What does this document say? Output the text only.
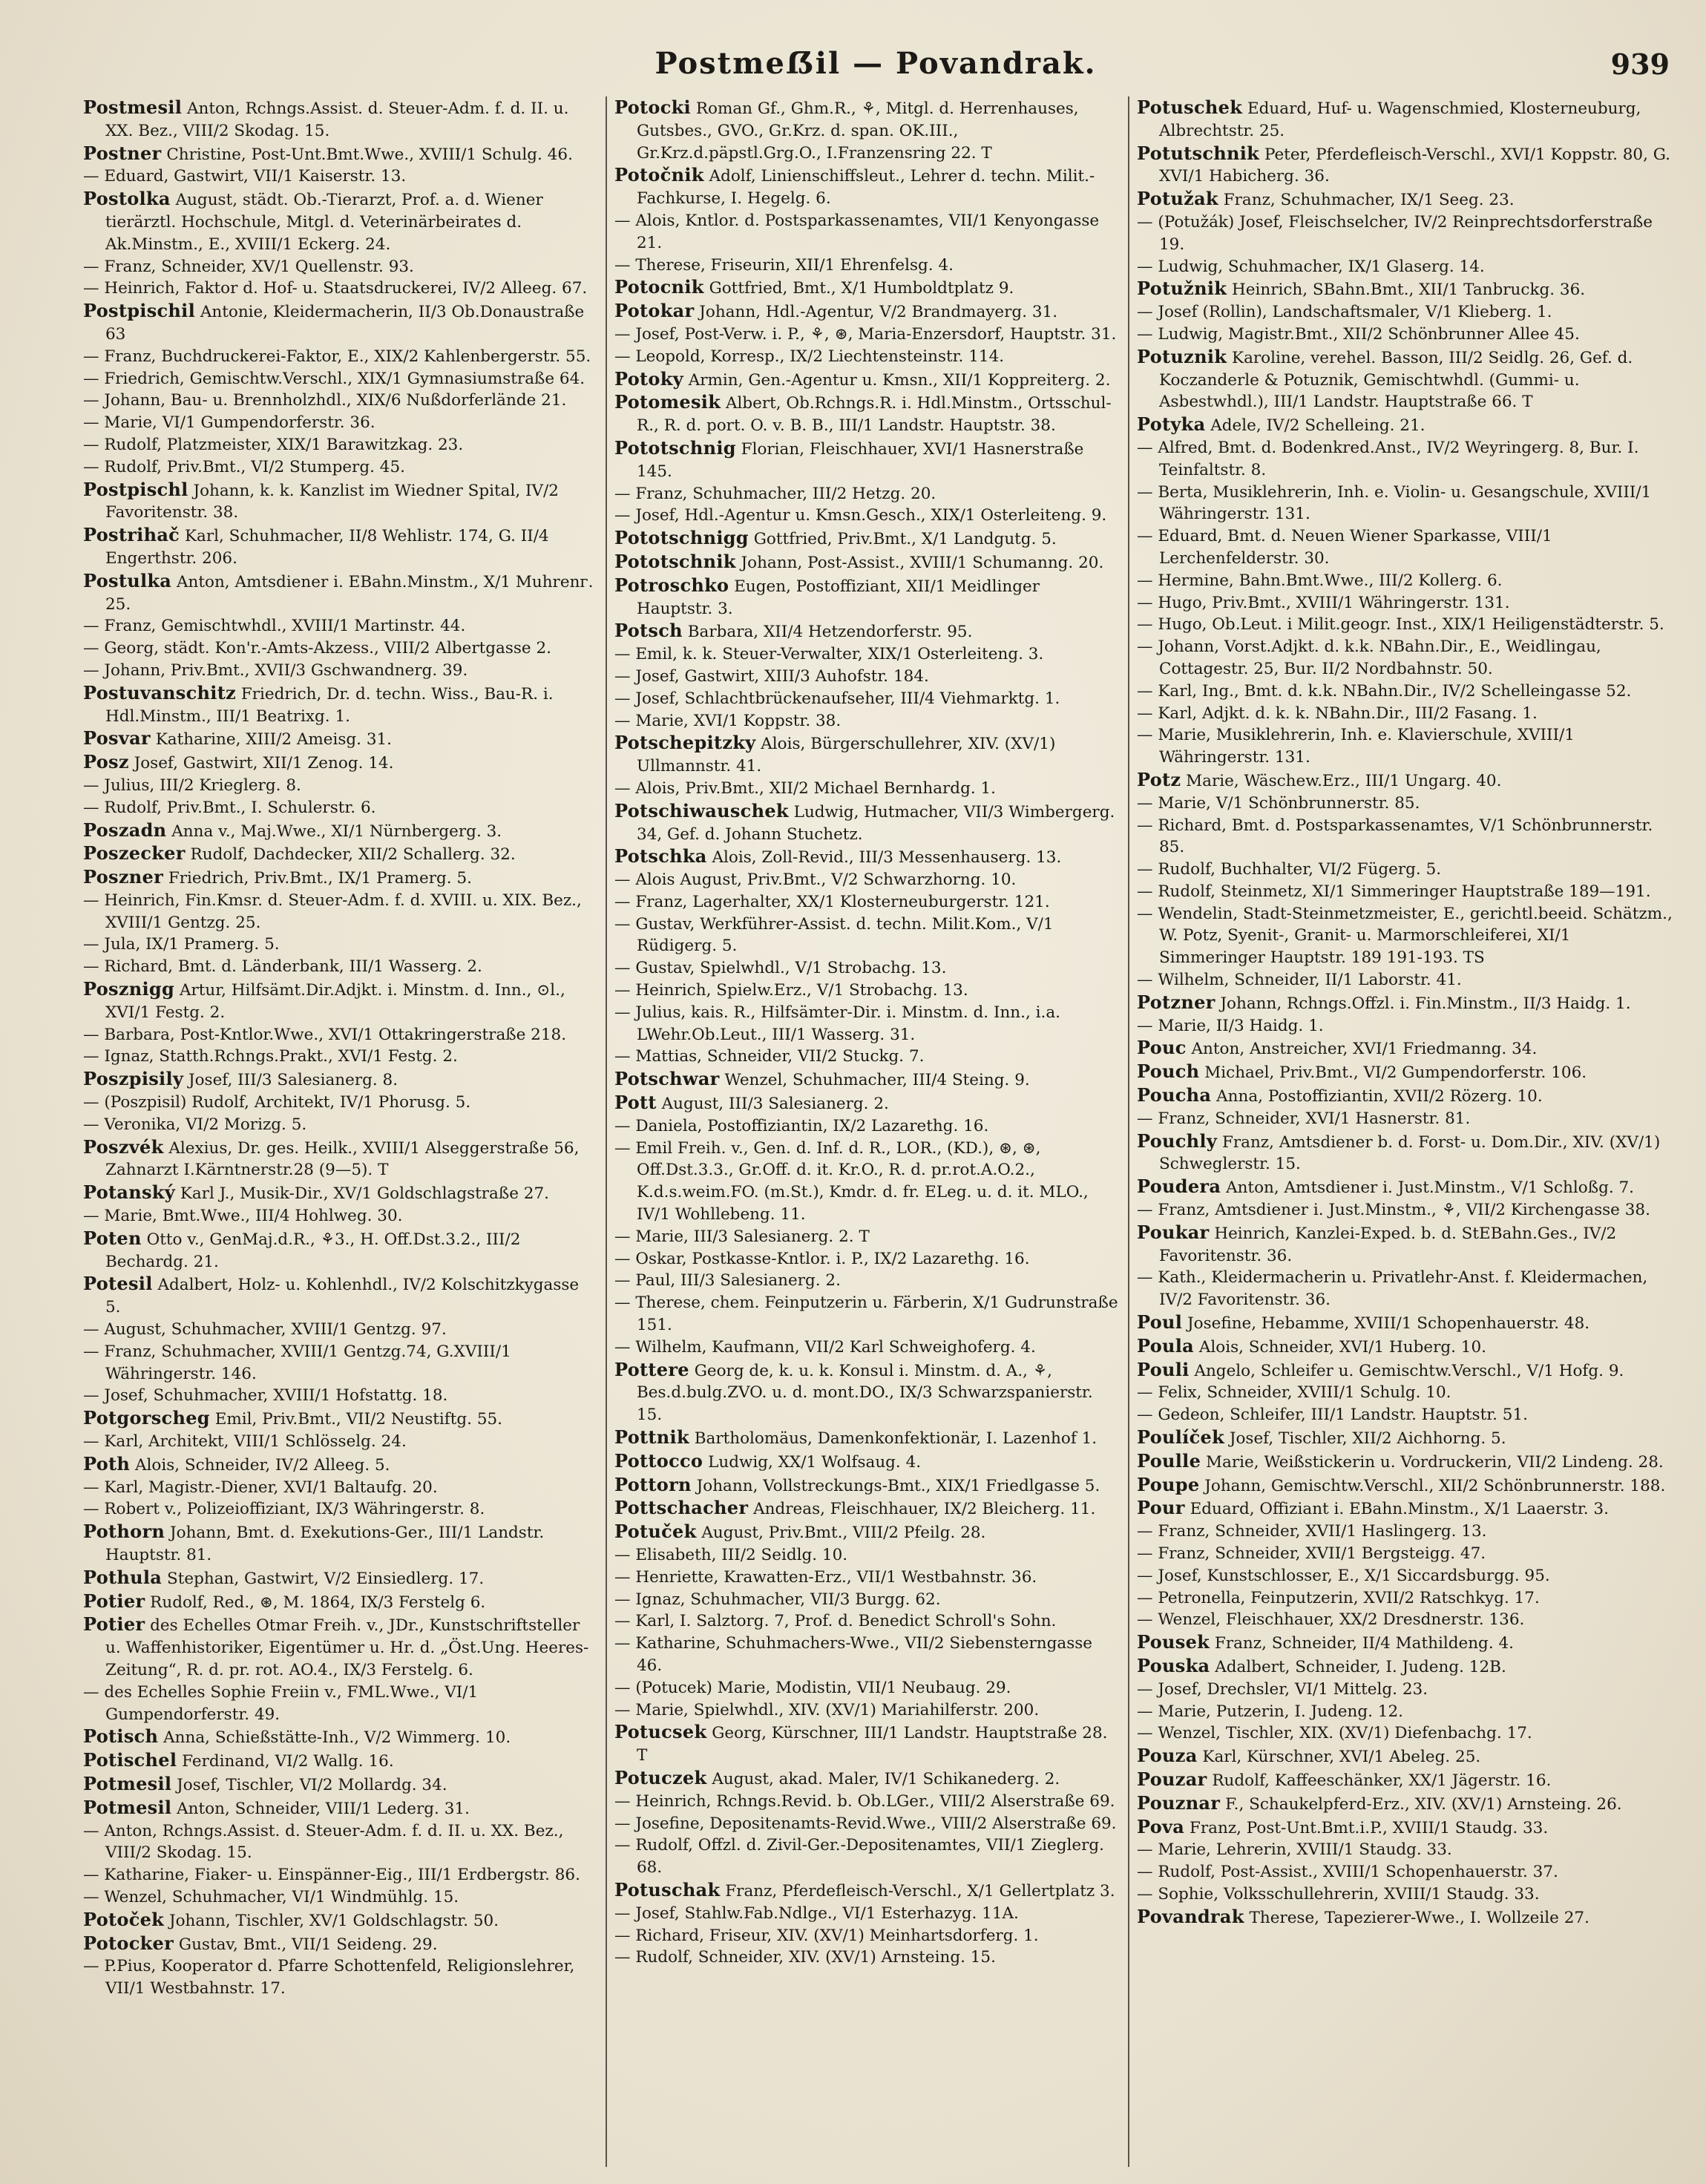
Postmeẞil — Povandrak.	939

Postmesil Anton, Rchngs.Assist. d. Steuer-Adm. f. d. II. u. XX. Bez., VIII/2 Skodag. 15.

Postner Christine, Post-Unt.Bmt.Wwe., XVIII/1 Schulg. 46.

— Eduard, Gastwirt, VII/1 Kaiserstr. 13.

Postolka August, städt. Ob.-Tierarzt, Prof. a. d. Wiener tierärztl. Hochschule, Mitgl. d. Veterinärbeirates d. Ak.Minstm., E., XVIII/1 Eckerg. 24.

— Franz, Schneider, XV/1 Quellenstr. 93.

— Heinrich, Faktor d. Hof- u. Staatsdruckerei, IV/2 Alleeg. 67.

Postpischil Antonie, Kleidermacherin, II/3 Ob.Donaustraße 63

— Franz, Buchdruckerei-Faktor, E., XIX/2 Kahlenbergerstr. 55.

— Friedrich, Gemischtw.Verschl., XIX/1 Gymnasiumstraße 64.

— Johann, Bau- u. Brennholzhdl., XIX/6 Nußdorferlände 21.

— Marie, VI/1 Gumpendorferstr. 36.

— Rudolf, Platzmeister, XIX/1 Barawitzkag. 23.

— Rudolf, Priv.Bmt., VI/2 Stumperg. 45.

Postpischl Johann, k. k. Kanzlist im Wiedner Spital, IV/2 Favoritenstr. 38.

Postrihač Karl, Schuhmacher, II/8 Wehlistr. 174, G. II/4 Engerthstr. 206.

Postulka Anton, Amtsdiener i. EBahn.Minstm., X/1 Muhrenг. 25.

— Franz, Gemischtwhdl., XVIII/1 Martinstr. 44.

— Georg, städt. Kon'r.-Amts-Akzess., VIII/2 Albertgasse 2.

— Johann, Priv.Bmt., XVII/3 Gschwandnerg. 39.

Postuvanschitz Friedrich, Dr. d. techn. Wiss., Bau-R. i. Hdl.Minstm., III/1 Beatrixg. 1.

Posvar Katharine, XIII/2 Ameisg. 31.

Posz Josef, Gastwirt, XII/1 Zenog. 14.

— Julius, III/2 Krieglerg. 8.

— Rudolf, Priv.Bmt., I. Schulerstr. 6.

Poszadn Anna v., Maj.Wwe., XI/1 Nürnbergerg. 3.

Poszecker Rudolf, Dachdecker, XII/2 Schallerg. 32.

Poszner Friedrich, Priv.Bmt., IX/1 Pramerg. 5.

— Heinrich, Fin.Kmsr. d. Steuer-Adm. f. d. XVIII. u. XIX. Bez., XVIII/1 Gentzg. 25.

— Jula, IX/1 Pramerg. 5.

— Richard, Bmt. d. Länderbank, III/1 Wasserg. 2.

Posznigg Artur, Hilfsämt.Dir.Adjkt. i. Minstm. d. Inn., ⊙l., XVI/1 Festg. 2.

— Barbara, Post-Kntlor.Wwe., XVI/1 Ottakringerstraße 218.

— Ignaz, Statth.Rchngs.Prakt., XVI/1 Festg. 2.

Poszpisily Josef, III/3 Salesianerg. 8.

— (Poszpisil) Rudolf, Architekt, IV/1 Phorusg. 5.

— Veronika, VI/2 Morizg. 5.

Poszvék Alexius, Dr. ges. Heilk., XVIII/1 Alseggerstraße 56, Zahnarzt I.Kärntnerstr.28 (9—5). T

Potanský Karl J., Musik-Dir., XV/1 Goldschlagstraße 27.

— Marie, Bmt.Wwe., III/4 Hohlweg. 30.

Poten Otto v., GenMaj.d.R., ⚘3., H. Off.Dst.3.2., III/2 Bechardg. 21.

Potesil Adalbert, Holz- u. Kohlenhdl., IV/2 Kolschitzkygasse 5.

— August, Schuhmacher, XVIII/1 Gentzg. 97.

— Franz, Schuhmacher, XVIII/1 Gentzg.74, G.XVIII/1 Währingerstr. 146.

— Josef, Schuhmacher, XVIII/1 Hofstattg. 18.

Potgorscheg Emil, Priv.Bmt., VII/2 Neustiftg. 55.

— Karl, Architekt, VIII/1 Schlösselg. 24.

Poth Alois, Schneider, IV/2 Alleeg. 5.

— Karl, Magistr.-Diener, XVI/1 Baltaufg. 20.

— Robert v., Polizeioffiziant, IX/3 Währingerstr. 8.

Pothorn Johann, Bmt. d. Exekutions-Ger., III/1 Landstr. Hauptstr. 81.

Pothula Stephan, Gastwirt, V/2 Einsiedlerg. 17.

Potier Rudolf, Red., ⊛, M. 1864, IX/3 Ferstelg 6.

Potier des Echelles Otmar Freih. v., JDr., Kunstschriftsteller u. Waffenhistoriker, Eigentümer u. Hr. d. „Öst.Ung. Heeres-Zeitung“, R. d. pr. rot. AO.4., IX/3 Ferstelg. 6.

— des Echelles Sophie Freiin v., FML.Wwe., VI/1 Gumpendorferstr. 49.

Potisch Anna, Schießstätte-Inh., V/2 Wimmerg. 10.

Potischel Ferdinand, VI/2 Wallg. 16.

Potmesil Josef, Tischler, VI/2 Mollardg. 34.

Potmesil Anton, Schneider, VIII/1 Lederg. 31.

— Anton, Rchngs.Assist. d. Steuer-Adm. f. d. II. u. XX. Bez., VIII/2 Skodag. 15.

— Katharine, Fiaker- u. Einspänner-Eig., III/1 Erdbergstr. 86.

— Wenzel, Schuhmacher, VI/1 Windmühlg. 15.

Potoček Johann, Tischler, XV/1 Goldschlagstr. 50.

Potocker Gustav, Bmt., VII/1 Seideng. 29.

— P.Pius, Kooperator d. Pfarre Schottenfeld, Religionslehrer, VII/1 Westbahnstr. 17.

Potocki Roman Gf., Ghm.R., ⚘, Mitgl. d. Herrenhauses, Gutsbes., GVO., Gr.Krz. d. span. OK.III., Gr.Krz.d.päpstl.Grg.O., I.Franzensring 22. T

Potočnik Adolf, Linienschiffsleut., Lehrer d. techn. Milit.-Fachkurse, I. Hegelg. 6.

— Alois, Kntlor. d. Postsparkassenamtes, VII/1 Kenyongasse 21.

— Therese, Friseurin, XII/1 Ehrenfelsg. 4.

Potocnik Gottfried, Bmt., X/1 Humboldtplatz 9.

Potokar Johann, Hdl.-Agentur, V/2 Brandmayerg. 31.

— Josef, Post-Verw. i. P., ⚘, ⊛, Maria-Enzersdorf, Hauptstr. 31.

— Leopold, Korresp., IX/2 Liechtensteinstr. 114.

Potoky Armin, Gen.-Agentur u. Kmsn., XII/1 Koppreiterg. 2.

Potomesik Albert, Ob.Rchngs.R. i. Hdl.Minstm., Ortsschul-R., R. d. port. O. v. B. B., III/1 Landstr. Hauptstr. 38.

Pototschnig Florian, Fleischhauer, XVI/1 Hasnerstraße 145.

— Franz, Schuhmacher, III/2 Hetzg. 20.

— Josef, Hdl.-Agentur u. Kmsn.Gesch., XIX/1 Osterleiteng. 9.

Pototschnigg Gottfried, Priv.Bmt., X/1 Landgutg. 5.

Pototschnik Johann, Post-Assist., XVIII/1 Schumanng. 20.

Potroschko Eugen, Postoffiziant, XII/1 Meidlinger Hauptstr. 3.

Potsch Barbara, XII/4 Hetzendorferstr. 95.

— Emil, k. k. Steuer-Verwalter, XIX/1 Osterleiteng. 3.

— Josef, Gastwirt, XIII/3 Auhofstr. 184.

— Josef, Schlachtbrückenaufseher, III/4 Viehmarktg. 1.

— Marie, XVI/1 Koppstr. 38.

Potschepitzky Alois, Bürgerschullehrer, XIV. (XV/1) Ullmannstr. 41.

— Alois, Priv.Bmt., XII/2 Michael Bernhardg. 1.

Potschiwauschek Ludwig, Hutmacher, VII/3 Wimbergerg. 34, Gef. d. Johann Stuchetz.

Potschka Alois, Zoll-Revid., III/3 Messenhauserg. 13.

— Alois August, Priv.Bmt., V/2 Schwarzhorng. 10.

— Franz, Lagerhalter, XX/1 Klosterneuburgerstr. 121.

— Gustav, Werkführer-Assist. d. techn. Milit.Kom., V/1 Rüdigerg. 5.

— Gustav, Spielwhdl., V/1 Strobachg. 13.

— Heinrich, Spielw.Erz., V/1 Strobachg. 13.

— Julius, kais. R., Hilfsämter-Dir. i. Minstm. d. Inn., i.a. LWehr.Ob.Leut., III/1 Wasserg. 31.

— Mattias, Schneider, VII/2 Stuckg. 7.

Potschwar Wenzel, Schuhmacher, III/4 Steing. 9.

Pott August, III/3 Salesianerg. 2.

— Daniela, Postoffiziantin, IX/2 Lazarethg. 16.

— Emil Freih. v., Gen. d. Inf. d. R., LOR., (KD.), ⊛, ⊛, Off.Dst.3.3., Gr.Off. d. it. Kr.O., R. d. pr.rot.A.O.2., K.d.s.weim.FO. (m.St.), Kmdr. d. fr. ELeg. u. d. it. MLO., IV/1 Wohllebeng. 11.

— Marie, III/3 Salesianerg. 2. T

— Oskar, Postkasse-Kntlor. i. P., IX/2 Lazarethg. 16.

— Paul, III/3 Salesianerg. 2.

— Therese, chem. Feinputzerin u. Färberin, X/1 Gudrunstraße 151.

— Wilhelm, Kaufmann, VII/2 Karl Schweighoferg. 4.

Pottere Georg de, k. u. k. Konsul i. Minstm. d. A., ⚘, Bes.d.bulg.ZVO. u. d. mont.DO., IX/3 Schwarzspanierstr. 15.

Pottnik Bartholomäus, Damenkonfektionär, I. Lazenhof 1.

Pottocco Ludwig, XX/1 Wolfsaug. 4.

Pottorn Johann, Vollstreckungs-Bmt., XIX/1 Friedlgasse 5.

Pottschacher Andreas, Fleischhauer, IX/2 Bleicherg. 11.

Potuček August, Priv.Bmt., VIII/2 Pfeilg. 28.

— Elisabeth, III/2 Seidlg. 10.

— Henriette, Krawatten-Erz., VII/1 Westbahnstr. 36.

— Ignaz, Schuhmacher, VII/3 Burgg. 62.

— Karl, I. Salztorg. 7, Prof. d. Benedict Schroll's Sohn.

— Katharine, Schuhmachers-Wwe., VII/2 Siebensterngasse 46.

— (Potucek) Marie, Modistin, VII/1 Neubaug. 29.

— Marie, Spielwhdl., XIV. (XV/1) Mariahilferstr. 200.

Potucsek Georg, Kürschner, III/1 Landstr. Hauptstraße 28. T

Potuczek August, akad. Maler, IV/1 Schikanederg. 2.

— Heinrich, Rchngs.Revid. b. Ob.LGer., VIII/2 Alserstraße 69.

— Josefine, Depositenamts-Revid.Wwe., VIII/2 Alserstraße 69.

— Rudolf, Offzl. d. Zivil-Ger.-Depositenamtes, VII/1 Zieglerg. 68.

Potuschak Franz, Pferdefleisch-Verschl., X/1 Gellertplatz 3.

— Josef, Stahlw.Fab.Ndlge., VI/1 Esterhazyg. 11A.

— Richard, Friseur, XIV. (XV/1) Meinhartsdorferg. 1.

— Rudolf, Schneider, XIV. (XV/1) Arnsteing. 15.

Potuschek Eduard, Huf- u. Wagenschmied, Klosterneuburg, Albrechtstr. 25.

Potutschnik Peter, Pferdefleisch-Verschl., XVI/1 Koppstr. 80, G. XVI/1 Habicherg. 36.

Potužak Franz, Schuhmacher, IX/1 Seeg. 23.

— (Potužák) Josef, Fleischselcher, IV/2 Reinprechtsdorferstraße 19.

— Ludwig, Schuhmacher, IX/1 Glaserg. 14.

Potužnik Heinrich, SBahn.Bmt., XII/1 Tanbruckg. 36.

— Josef (Rollin), Landschaftsmaler, V/1 Klieberg. 1.

— Ludwig, Magistr.Bmt., XII/2 Schönbrunner Allee 45.

Potuznik Karoline, verehel. Basson, III/2 Seidlg. 26, Gef. d. Koczanderle & Potuznik, Gemischtwhdl. (Gummi- u. Asbestwhdl.), III/1 Landstr. Hauptstraße 66. T

Potyka Adele, IV/2 Schelleing. 21.

— Alfred, Bmt. d. Bodenkred.Anst., IV/2 Weyringerg. 8, Bur. I. Teinfaltstr. 8.

— Berta, Musiklehrerin, Inh. e. Violin- u. Gesangschule, XVIII/1 Währingerstr. 131.

— Eduard, Bmt. d. Neuen Wiener Sparkasse, VIII/1 Lerchenfelderstr. 30.

— Hermine, Bahn.Bmt.Wwe., III/2 Kollerg. 6.

— Hugo, Priv.Bmt., XVIII/1 Währingerstr. 131.

— Hugo, Ob.Leut. i Milit.geogr. Inst., XIX/1 Heiligenstädterstr. 5.

— Johann, Vorst.Adjkt. d. k.k. NBahn.Dir., E., Weidlingau, Cottagestr. 25, Bur. II/2 Nordbahnstr. 50.

— Karl, Ing., Bmt. d. k.k. NBahn.Dir., IV/2 Schelleingasse 52.

— Karl, Adjkt. d. k. k. NBahn.Dir., III/2 Fasang. 1.

— Marie, Musiklehrerin, Inh. e. Klavierschule, XVIII/1 Währingerstr. 131.

Potz Marie, Wäschew.Erz., III/1 Ungarg. 40.

— Marie, V/1 Schönbrunnerstr. 85.

— Richard, Bmt. d. Postsparkassenamtes, V/1 Schönbrunnerstr. 85.

— Rudolf, Buchhalter, VI/2 Fügerg. 5.

— Rudolf, Steinmetz, XI/1 Simmeringer Hauptstraße 189—191.

— Wendelin, Stadt-Steinmetzmeister, E., gerichtl.beeid. Schätzm., W. Potz, Syenit-, Granit- u. Marmorschleiferei, XI/1 Simmeringer Hauptstr. 189 191-193. TS

— Wilhelm, Schneider, II/1 Laborstr. 41.

Potzner Johann, Rchngs.Offzl. i. Fin.Minstm., II/3 Haidg. 1.

— Marie, II/3 Haidg. 1.

Pouc Anton, Anstreicher, XVI/1 Friedmanng. 34.

Pouch Michael, Priv.Bmt., VI/2 Gumpendorferstr. 106.

Poucha Anna, Postoffiziantin, XVII/2 Rözerg. 10.

— Franz, Schneider, XVI/1 Hasnerstr. 81.

Pouchly Franz, Amtsdiener b. d. Forst- u. Dom.Dir., XIV. (XV/1) Schweglerstr. 15.

Poudera Anton, Amtsdiener i. Just.Minstm., V/1 Schloßg. 7.

— Franz, Amtsdiener i. Just.Minstm., ⚘, VII/2 Kirchengasse 38.

Poukar Heinrich, Kanzlei-Exped. b. d. StEBahn.Ges., IV/2 Favoritenstr. 36.

— Kath., Kleidermacherin u. Privatlehr-Anst. f. Kleidermachen, IV/2 Favoritenstr. 36.

Poul Josefine, Hebamme, XVIII/1 Schopenhauerstr. 48.

Poula Alois, Schneider, XVI/1 Huberg. 10.

Pouli Angelo, Schleifer u. Gemischtw.Verschl., V/1 Hofg. 9.

— Felix, Schneider, XVIII/1 Schulg. 10.

— Gedeon, Schleifer, III/1 Landstr. Hauptstr. 51.

Poulíček Josef, Tischler, XII/2 Aichhorng. 5.

Poulle Marie, Weißstickerin u. Vordruckerin, VII/2 Lindeng. 28.

Poupe Johann, Gemischtw.Verschl., XII/2 Schönbrunnerstr. 188.

Pour Eduard, Offiziant i. EBahn.Minstm., X/1 Laaerstr. 3.

— Franz, Schneider, XVII/1 Haslingerg. 13.

— Franz, Schneider, XVII/1 Bergsteigg. 47.

— Josef, Kunstschlosser, E., X/1 Siccardsburgg. 95.

— Petronella, Feinputzerin, XVII/2 Ratschkyg. 17.

— Wenzel, Fleischhauer, XX/2 Dresdnerstr. 136.

Pousek Franz, Schneider, II/4 Mathildeng. 4.

Pouska Adalbert, Schneider, I. Judeng. 12B.

— Josef, Drechsler, VI/1 Mittelg. 23.

— Marie, Putzerin, I. Judeng. 12.

— Wenzel, Tischler, XIX. (XV/1) Diefenbachg. 17.

Pouza Karl, Kürschner, XVI/1 Abeleg. 25.

Pouzar Rudolf, Kaffeeschänker, XX/1 Jägerstr. 16.

Pouznar F., Schaukelpferd-Erz., XIV. (XV/1) Arnsteing. 26.

Pova Franz, Post-Unt.Bmt.i.P., XVIII/1 Staudg. 33.

— Marie, Lehrerin, XVIII/1 Staudg. 33.

— Rudolf, Post-Assist., XVIII/1 Schopenhauerstr. 37.

— Sophie, Volksschullehrerin, XVIII/1 Staudg. 33.

Povandrak Therese, Tapezierer-Wwe., I. Wollzeile 27.
